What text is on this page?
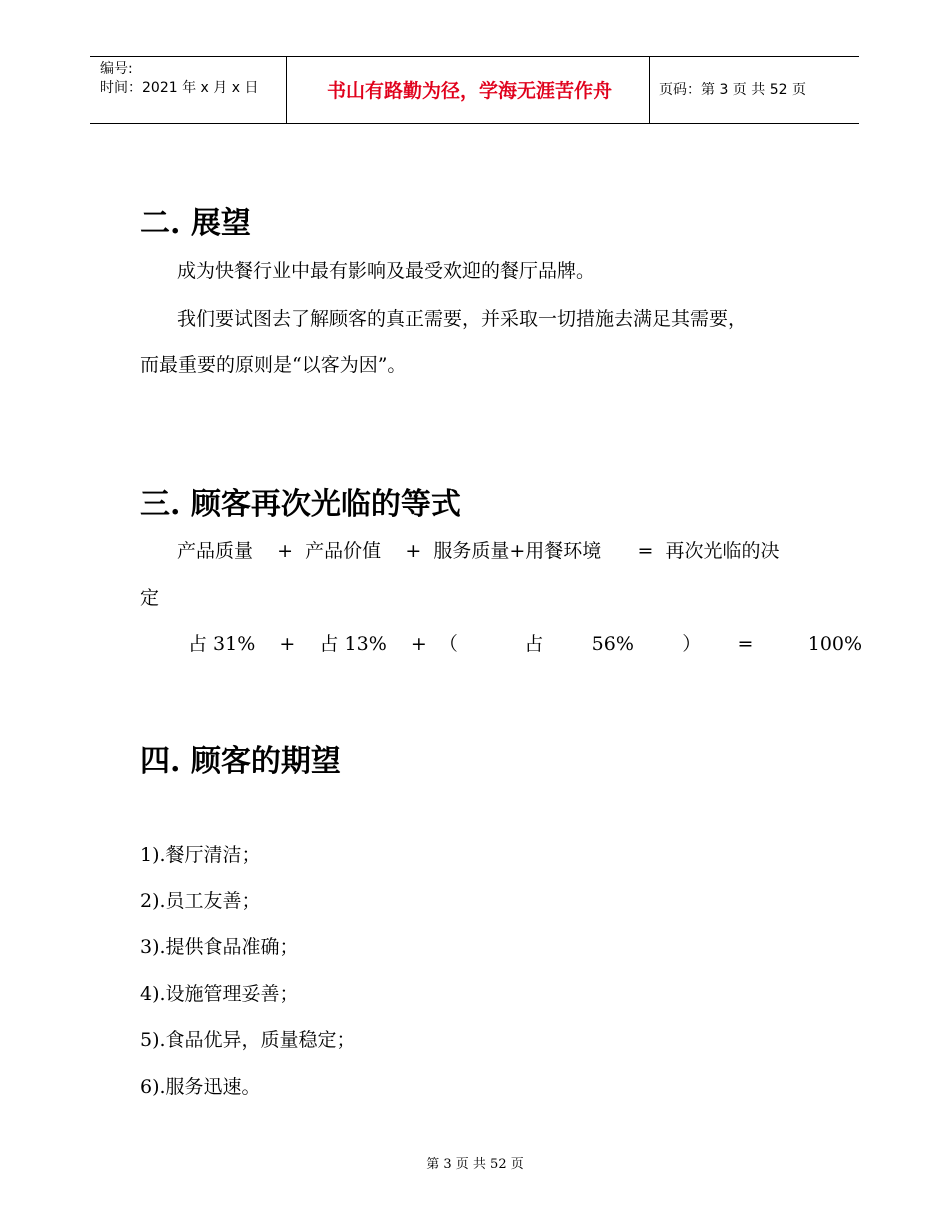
编号:
时间：2021 年 x 月 x 日	书山有路勤为径，学海无涯苦作舟	页码：第 3 页 共 52 页
二. 展望

成为快餐行业中最有影响及最受欢迎的餐厅品牌。

我们要试图去了解顾客的真正需要，并采取一切措施去满足其需要，

而最重要的原则是“以客为因”。

三. 顾客再次光临的等式
产品质量    +  产品价值    +  服务质量+用餐环境      =  再次光临的决
定
占 31%    +    占 13%    +  （           占        56%        ）      =         100%
四. 顾客的期望

1).餐厅清洁；

2).员工友善；

3).提供食品准确；

4).设施管理妥善；

5).食品优异，质量稳定；

6).服务迅速。

第 3 页 共 52 页
